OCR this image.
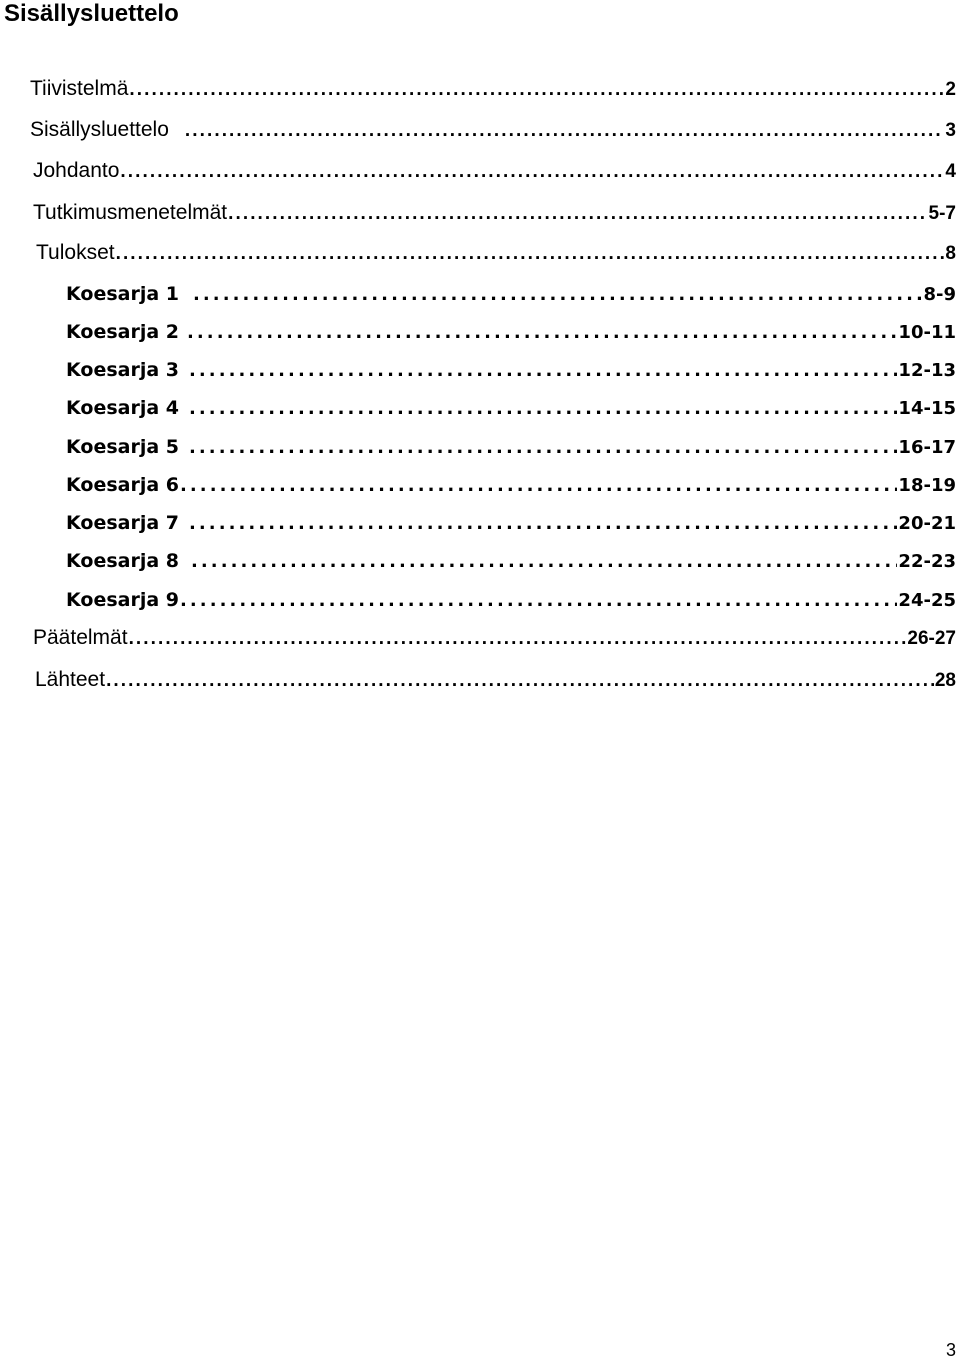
Sisällysluettelo
Tiivistelmä . . .	2
Sisällysluettelo . . .	3
Johdanto . . .	4
Tutkimusmenetelmät . . .	5-7
Tulokset . . .	8
Koesarja 1 . . .	8-9
Koesarja 2 . . .	10-11
Koesarja 3 . . .	12-13
Koesarja 4 . . .	14-15
Koesarja 5 . . .	16-17
Koesarja 6 . . .	18-19
Koesarja 7 . . .	20-21
Koesarja 8 . . .	22-23
Koesarja 9 . . .	24-25
Päätelmät . . .	26-27
Lähteet . . .	28
3
